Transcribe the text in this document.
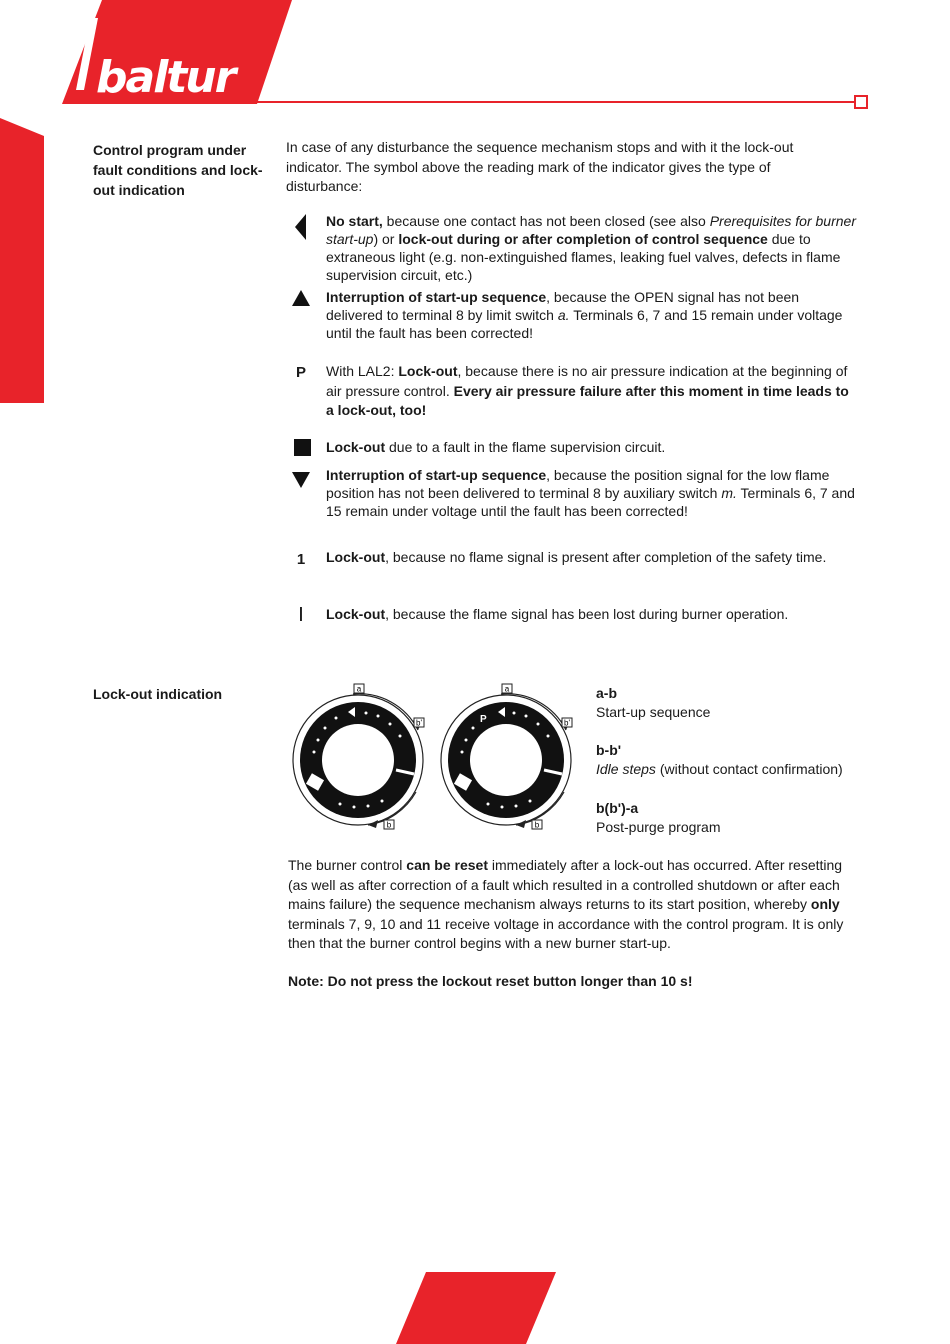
baltur
Control program under fault conditions and lock-out indication
In case of any disturbance the sequence mechanism stops and with it the lock-out indicator. The symbol above the reading mark of the indicator gives the type of disturbance:
No start, because one contact has not been closed (see also Prerequisites for burner start-up) or lock-out during or after completion of control sequence due to extraneous light (e.g. non-extinguished flames, leaking fuel valves, defects in flame supervision circuit, etc.)
Interruption of start-up sequence, because the OPEN signal has not been delivered to terminal 8 by limit switch a. Terminals 6, 7 and 15 remain under voltage until the fault has been corrected!
P	With LAL2: Lock-out, because there is no air pressure indication at the beginning of air pressure control. Every air pressure failure after this moment in time leads to a lock-out, too!
Lock-out due to a fault in the flame supervision circuit.
Interruption of start-up sequence, because the position signal for the low flame position has not been delivered to terminal 8 by auxiliary switch m. Terminals 6, 7 and 15 remain under voltage until the fault has been corrected!
1	Lock-out, because no flame signal is present after completion of the safety time.
|	Lock-out, because the flame signal has been lost during burner operation.
Lock-out indication	a
b'
b
P
a
b'
b
a-b
Start-up sequence
b-b'
Idle steps (without contact confirmation)
b(b')-a
Post-purge program
The burner control can be reset immediately after a lock-out has occurred. After resetting (as well as after correction of a fault which resulted in a controlled shutdown or after each mains failure) the sequence mechanism always returns to its start position, whereby only terminals 7, 9, 10 and 11 receive voltage in accordance with the control program. It is only then that the burner control begins with a new burner start-up.
Note: Do not press the lockout reset button longer than 10 s!
